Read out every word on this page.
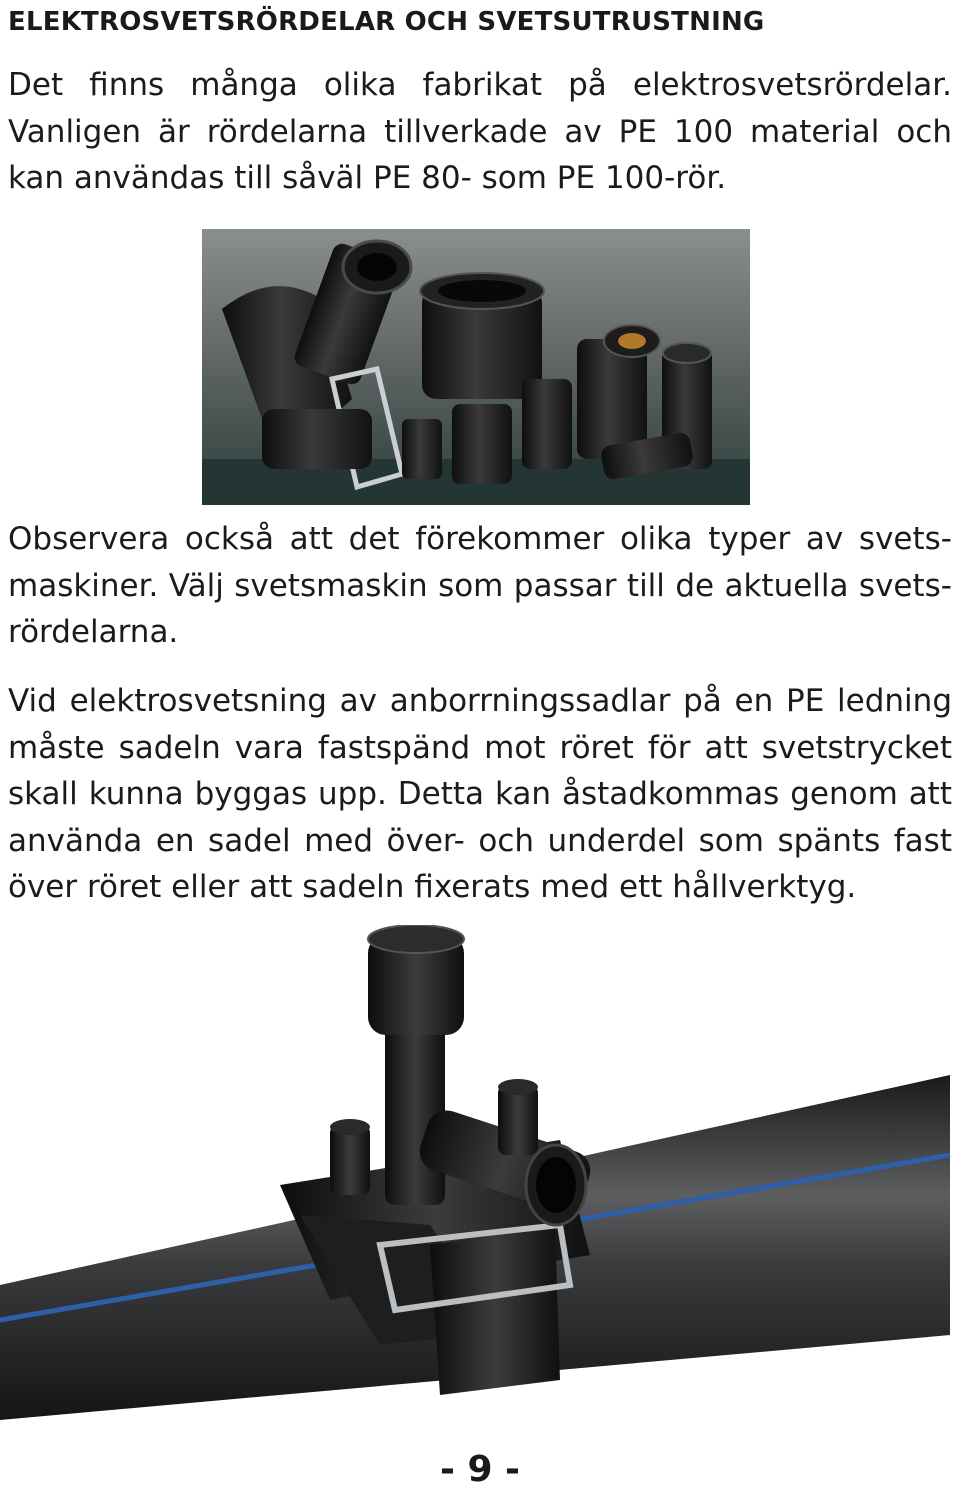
ELEKTROSVETSRÖRDELAR OCH SVETSUTRUSTNING

Det finns många olika fabrikat på elektrosvetsrördelar. Vanligen är rördelarna tillverkade av PE 100 material och kan användas till såväl PE 80- som PE 100-rör.

Observera också att det förekommer olika typer av svets-maskiner. Välj svetsmaskin som passar till de aktuella svets-rördelarna.

Vid elektrosvetsning av anborrningssadlar på en PE ledning måste sadeln vara fastspänd mot röret för att svetstrycket skall kunna byggas upp. Detta kan åstadkommas genom att använda en sadel med över- och underdel som spänts fast över röret eller att sadeln fixerats med ett hållverktyg.

- 9 -
